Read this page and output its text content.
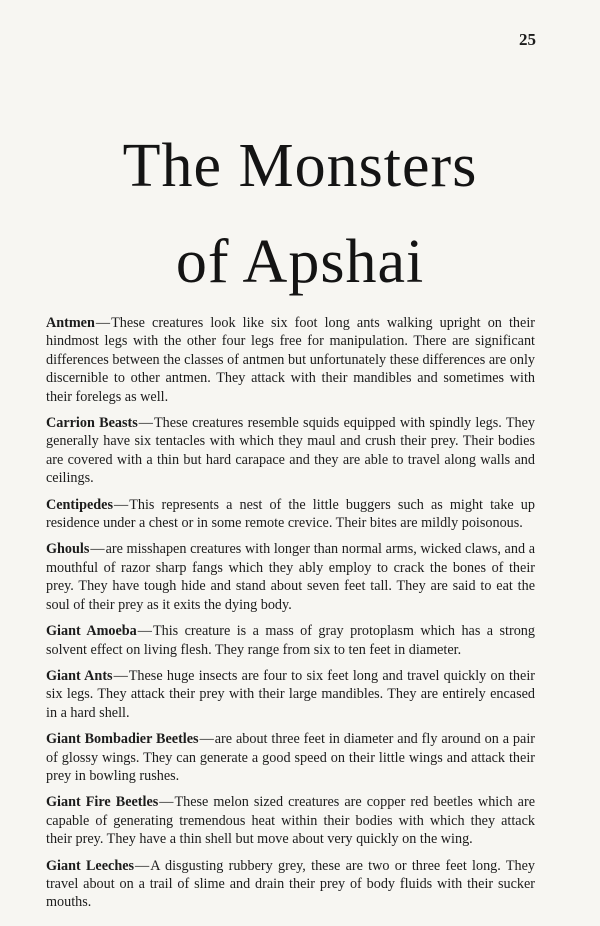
25
The Monsters
of Apshai

Antmen—These creatures look like six foot long ants walking upright on their hindmost legs with the other four legs free for manipulation. There are significant differences between the classes of antmen but unfortunately these differences are only discernible to other antmen. They attack with their mandibles and sometimes with their forelegs as well.

Carrion Beasts—These creatures resemble squids equipped with spindly legs. They generally have six tentacles with which they maul and crush their prey. Their bodies are covered with a thin but hard carapace and they are able to travel along walls and ceilings.

Centipedes—This represents a nest of the little buggers such as might take up residence under a chest or in some remote crevice. Their bites are mildly poisonous.

Ghouls—are misshapen creatures with longer than normal arms, wicked claws, and a mouthful of razor sharp fangs which they ably employ to crack the bones of their prey. They have tough hide and stand about seven feet tall. They are said to eat the soul of their prey as it exits the dying body.

Giant Amoeba—This creature is a mass of gray protoplasm which has a strong solvent effect on living flesh. They range from six to ten feet in diameter.

Giant Ants—These huge insects are four to six feet long and travel quickly on their six legs. They attack their prey with their large mandibles. They are entirely encased in a hard shell.

Giant Bombadier Beetles—are about three feet in diameter and fly around on a pair of glossy wings. They can generate a good speed on their little wings and attack their prey in bowling rushes.

Giant Fire Beetles—These melon sized creatures are copper red beetles which are capable of generating tremendous heat within their bodies with which they attack their prey. They have a thin shell but move about very quickly on the wing.

Giant Leeches—A disgusting rubbery grey, these are two or three feet long. They travel about on a trail of slime and drain their prey of body fluids with their sucker mouths.
